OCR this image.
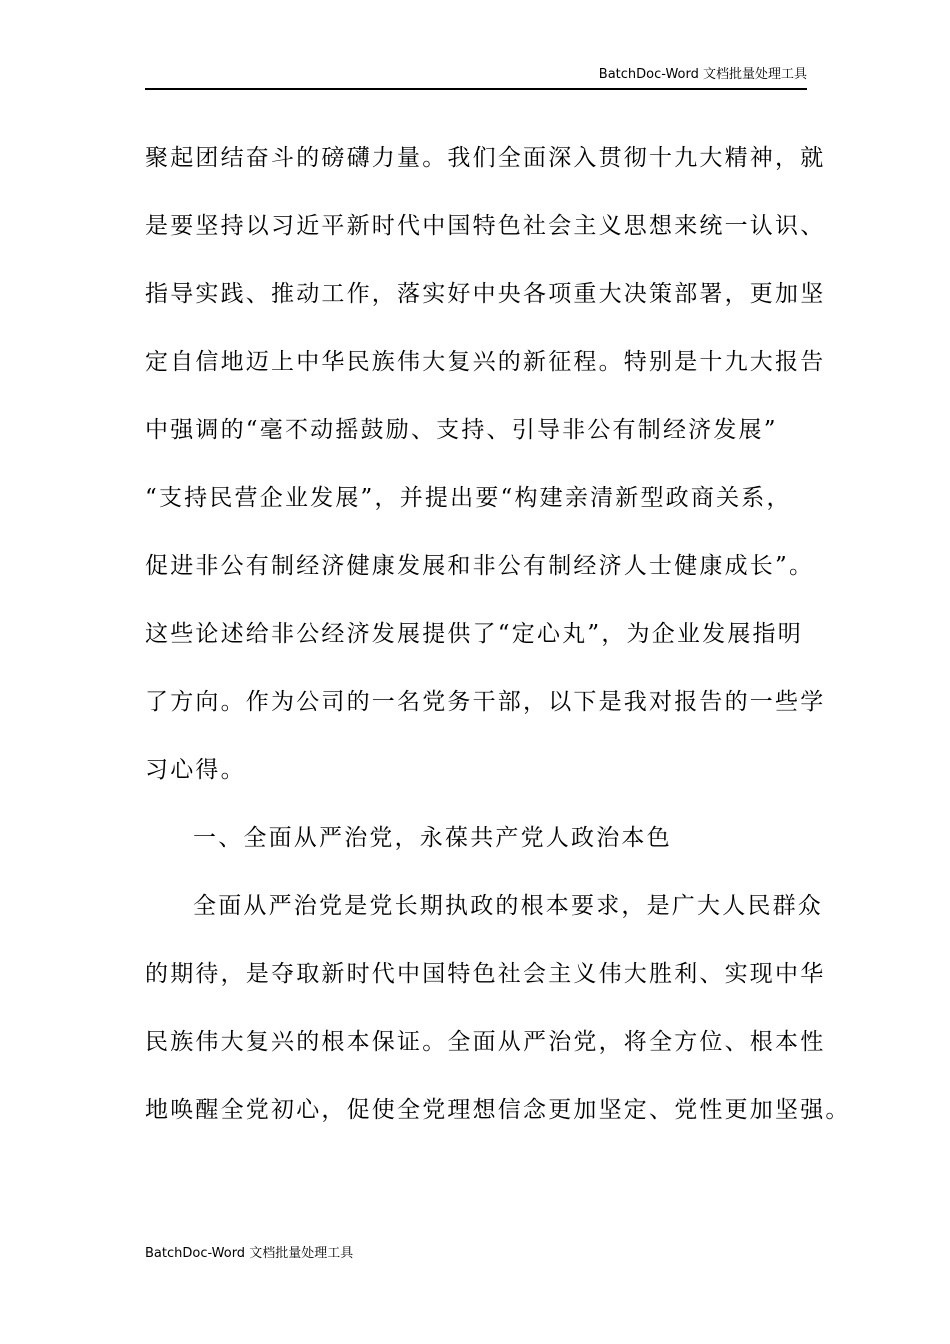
BatchDoc-Word 文档批量处理工具
聚起团结奋斗的磅礴力量。我们全面深入贯彻十九大精神，就
是要坚持以习近平新时代中国特色社会主义思想来统一认识、
指导实践、推动工作，落实好中央各项重大决策部署，更加坚
定自信地迈上中华民族伟大复兴的新征程。特别是十九大报告
中强调的“毫不动摇鼓励、支持、引导非公有制经济发展”
“支持民营企业发展”，并提出要“构建亲清新型政商关系，
促进非公有制经济健康发展和非公有制经济人士健康成长”。
这些论述给非公经济发展提供了“定心丸”，为企业发展指明
了方向。作为公司的一名党务干部，以下是我对报告的一些学
习心得。
一、全面从严治党，永葆共产党人政治本色
全面从严治党是党长期执政的根本要求，是广大人民群众
的期待，是夺取新时代中国特色社会主义伟大胜利、实现中华
民族伟大复兴的根本保证。全面从严治党，将全方位、根本性
地唤醒全党初心，促使全党理想信念更加坚定、党性更加坚强。
BatchDoc-Word 文档批量处理工具
